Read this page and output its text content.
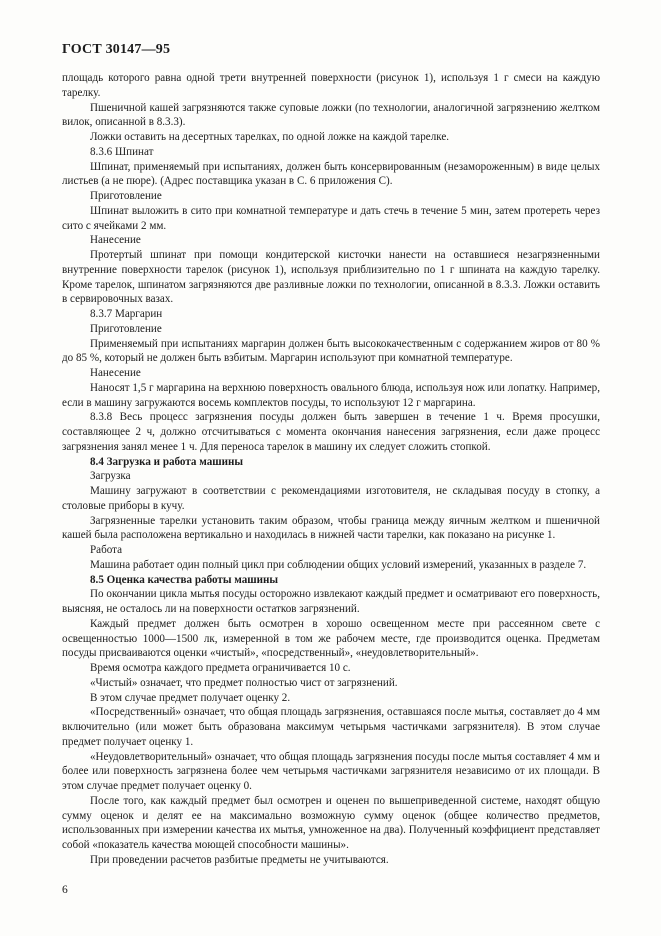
ГОСТ 30147—95

площадь которого равна одной трети внутренней поверхности (рисунок 1), используя 1 г смеси на каждую тарелку.

Пшеничной кашей загрязняются также суповые ложки (по технологии, аналогичной загрязнению желтком вилок, описанной в 8.3.3).

Ложки оставить на десертных тарелках, по одной ложке на каждой тарелке.

8.3.6 Шпинат

Шпинат, применяемый при испытаниях, должен быть консервированным (незамороженным) в виде целых листьев (а не пюре). (Адрес поставщика указан в С. 6 приложения С).

Приготовление

Шпинат выложить в сито при комнатной температуре и дать стечь в течение 5 мин, затем протереть через сито с ячейками 2 мм.

Нанесение

Протертый шпинат при помощи кондитерской кисточки нанести на оставшиеся незагрязненными внутренние поверхности тарелок (рисунок 1), используя приблизительно по 1 г шпината на каждую тарелку. Кроме тарелок, шпинатом загрязняются две разливные ложки по технологии, описанной в 8.3.3. Ложки оставить в сервировочных вазах.

8.3.7 Маргарин

Приготовление

Применяемый при испытаниях маргарин должен быть высококачественным с содержанием жиров от 80 % до 85 %, который не должен быть взбитым. Маргарин используют при комнатной температуре.

Нанесение

Наносят 1,5 г маргарина на верхнюю поверхность овального блюда, используя нож или лопатку. Например, если в машину загружаются восемь комплектов посуды, то используют 12 г маргарина.

8.3.8 Весь процесс загрязнения посуды должен быть завершен в течение 1 ч. Время просушки, составляющее 2 ч, должно отсчитываться с момента окончания нанесения загрязнения, если даже процесс загрязнения занял менее 1 ч. Для переноса тарелок в машину их следует сложить стопкой.

8.4 Загрузка и работа машины

Загрузка

Машину загружают в соответствии с рекомендациями изготовителя, не складывая посуду в стопку, а столовые приборы в кучу.

Загрязненные тарелки установить таким образом, чтобы граница между яичным желтком и пшеничной кашей была расположена вертикально и находилась в нижней части тарелки, как показано на рисунке 1.

Работа

Машина работает один полный цикл при соблюдении общих условий измерений, указанных в разделе 7.

8.5 Оценка качества работы машины

По окончании цикла мытья посуды осторожно извлекают каждый предмет и осматривают его поверхность, выясняя, не осталось ли на поверхности остатков загрязнений.

Каждый предмет должен быть осмотрен в хорошо освещенном месте при рассеянном свете с освещенностью 1000—1500 лк, измеренной в том же рабочем месте, где производится оценка. Предметам посуды присваиваются оценки «чистый», «посредственный», «неудовлетворительный».

Время осмотра каждого предмета ограничивается 10 с.

«Чистый» означает, что предмет полностью чист от загрязнений.

В этом случае предмет получает оценку 2.

«Посредственный» означает, что общая площадь загрязнения, оставшаяся после мытья, составляет до 4 мм включительно (или может быть образована максимум четырьмя частичками загрязнителя). В этом случае предмет получает оценку 1.

«Неудовлетворительный» означает, что общая площадь загрязнения посуды после мытья составляет 4 мм и более или поверхность загрязнена более чем четырьмя частичками загрязнителя независимо от их площади. В этом случае предмет получает оценку 0.

После того, как каждый предмет был осмотрен и оценен по вышеприведенной системе, находят общую сумму оценок и делят ее на максимально возможную сумму оценок (общее количество предметов, использованных при измерении качества их мытья, умноженное на два). Полученный коэффициент представляет собой «показатель качества моющей способности машины».

При проведении расчетов разбитые предметы не учитываются.

6
